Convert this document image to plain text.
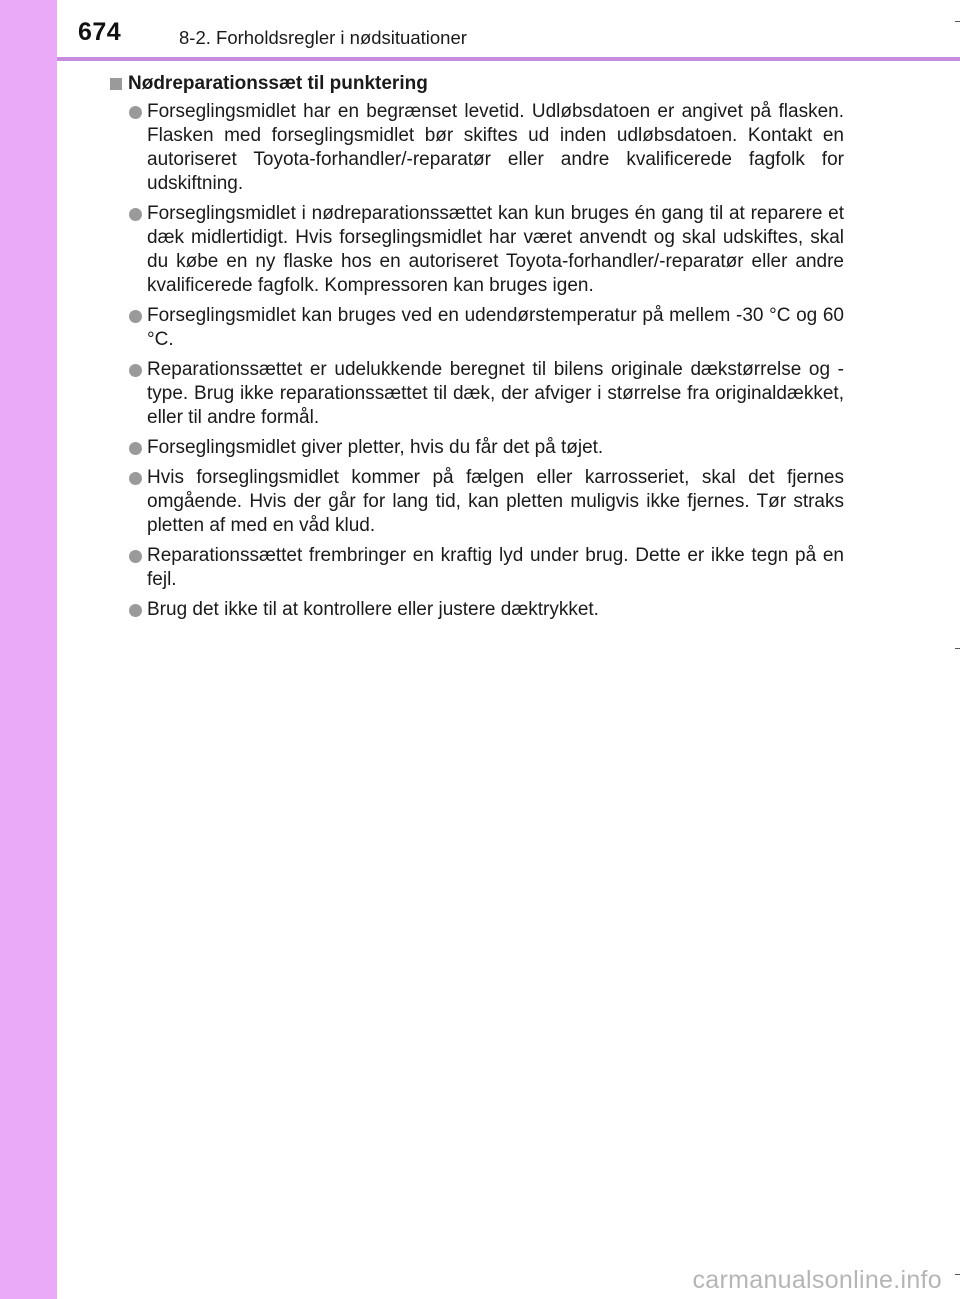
674	8-2. Forholdsregler i nødsituationer
Nødreparationssæt til punktering
Forseglingsmidlet har en begrænset levetid. Udløbsdatoen er angivet på flasken. Flasken med forseglingsmidlet bør skiftes ud inden udløbsdatoen. Kontakt en autoriseret Toyota-forhandler/-reparatør eller andre kvalificerede fagfolk for udskiftning.
Forseglingsmidlet i nødreparationssættet kan kun bruges én gang til at reparere et dæk midlertidigt. Hvis forseglingsmidlet har været anvendt og skal udskiftes, skal du købe en ny flaske hos en autoriseret Toyota-forhandler/-reparatør eller andre kvalificerede fagfolk. Kompressoren kan bruges igen.
Forseglingsmidlet kan bruges ved en udendørstemperatur på mellem -30 °C og 60 °C.
Reparationssættet er udelukkende beregnet til bilens originale dækstørrelse og -type. Brug ikke reparationssættet til dæk, der afviger i størrelse fra originaldækket, eller til andre formål.
Forseglingsmidlet giver pletter, hvis du får det på tøjet.
Hvis forseglingsmidlet kommer på fælgen eller karrosseriet, skal det fjernes omgående. Hvis der går for lang tid, kan pletten muligvis ikke fjernes. Tør straks pletten af med en våd klud.
Reparationssættet frembringer en kraftig lyd under brug. Dette er ikke tegn på en fejl.
Brug det ikke til at kontrollere eller justere dæktrykket.
carmanualsonline.info
